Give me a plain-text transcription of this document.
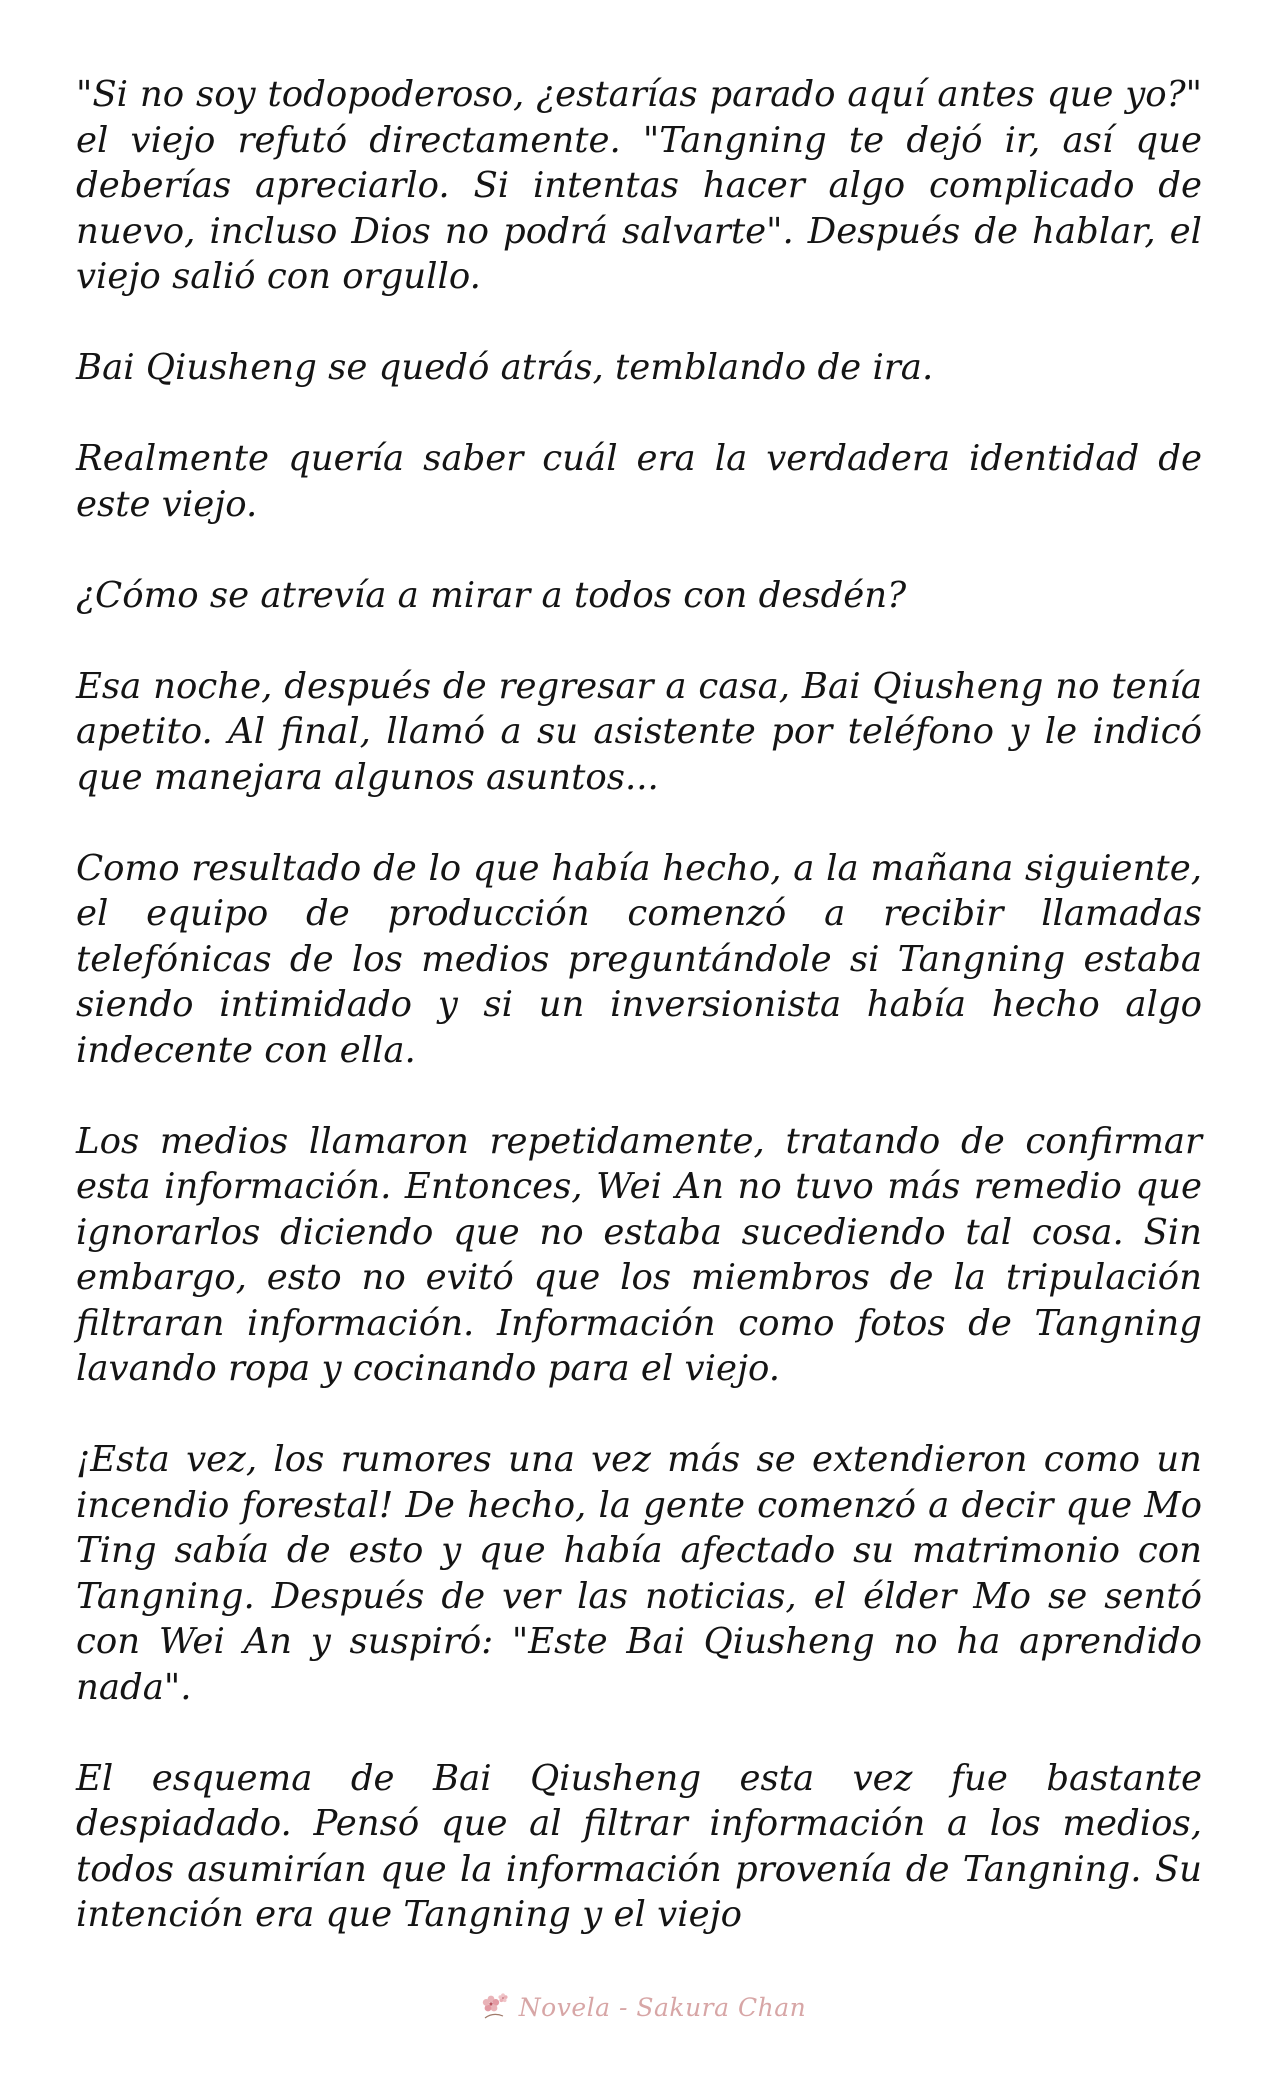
"Si no soy todopoderoso, ¿estarías parado aquí antes que yo?" el viejo refutó directamente. "Tangning te dejó ir, así que deberías apreciarlo. Si intentas hacer algo complicado de nuevo, incluso Dios no podrá salvarte". Después de hablar, el viejo salió con orgullo.

Bai Qiusheng se quedó atrás, temblando de ira.

Realmente quería saber cuál era la verdadera identidad de este viejo.

¿Cómo se atrevía a mirar a todos con desdén?

Esa noche, después de regresar a casa, Bai Qiusheng no tenía apetito. Al final, llamó a su asistente por teléfono y le indicó que manejara algunos asuntos...

Como resultado de lo que había hecho, a la mañana siguiente, el equipo de producción comenzó a recibir llamadas telefónicas de los medios preguntándole si Tangning estaba siendo intimidado y si un inversionista había hecho algo indecente con ella.

Los medios llamaron repetidamente, tratando de confirmar esta información. Entonces, Wei An no tuvo más remedio que ignorarlos diciendo que no estaba sucediendo tal cosa. Sin embargo, esto no evitó que los miembros de la tripulación filtraran información. Información como fotos de Tangning lavando ropa y cocinando para el viejo.

¡Esta vez, los rumores una vez más se extendieron como un incendio forestal! De hecho, la gente comenzó a decir que Mo Ting sabía de esto y que había afectado su matrimonio con Tangning. Después de ver las noticias, el élder Mo se sentó con Wei An y suspiró: "Este Bai Qiusheng no ha aprendido nada".

El esquema de Bai Qiusheng esta vez fue bastante despiadado. Pensó que al filtrar información a los medios, todos asumirían que la información provenía de Tangning. Su intención era que Tangning y el viejo

Novela - Sakura Chan
